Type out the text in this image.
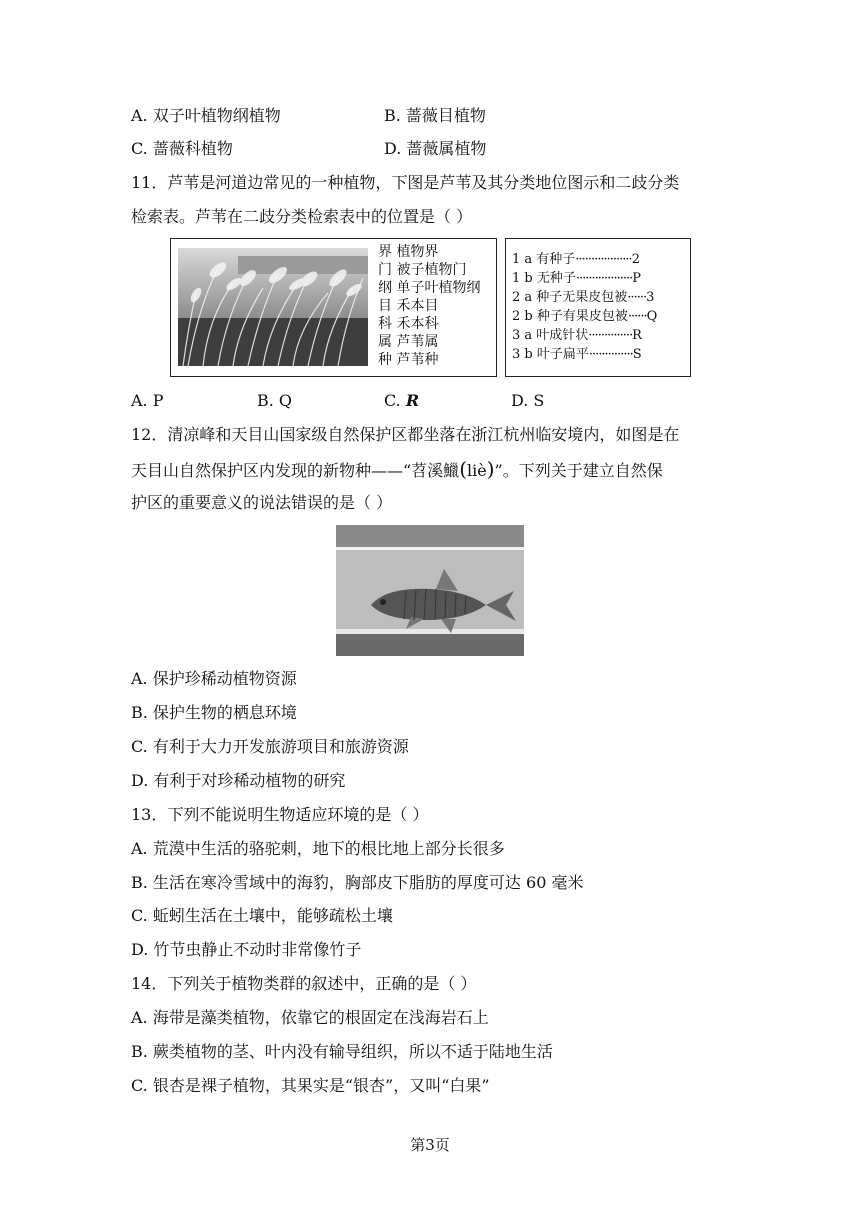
A. 双子叶植物纲植物	B. 蔷薇目植物
C. 蔷薇科植物	D. 蔷薇属植物
11．芦苇是河道边常见的一种植物，下图是芦苇及其分类地位图示和二歧分类
检索表。芦苇在二歧分类检索表中的位置是（ ）
界 植物界
门 被子植物门
纲 单子叶植物纲
目 禾本目
科 禾本科
属 芦苇属
种 芦苇种
1 a 有种子··················2
1 b 无种子··················P
2 a 种子无果皮包被······3
2 b 种子有果皮包被······Q
3 a 叶成针状··············R
3 b 叶子扁平··············S
A. P	B. Q	C. R	D. S
12．清凉峰和天目山国家级自然保护区都坐落在浙江杭州临安境内，如图是在
天目山自然保护区内发现的新物种——“苕溪鱲(liè)”。下列关于建立自然保
护区的重要意义的说法错误的是（ ）
A. 保护珍稀动植物资源
B. 保护生物的栖息环境
C. 有利于大力开发旅游项目和旅游资源
D. 有利于对珍稀动植物的研究
13．下列不能说明生物适应环境的是（ ）
A. 荒漠中生活的骆驼刺，地下的根比地上部分长很多
B. 生活在寒冷雪域中的海豹，胸部皮下脂肪的厚度可达 60 毫米
C. 蚯蚓生活在土壤中，能够疏松土壤
D. 竹节虫静止不动时非常像竹子
14．下列关于植物类群的叙述中，正确的是（ ）
A. 海带是藻类植物，依靠它的根固定在浅海岩石上
B. 蕨类植物的茎、叶内没有输导组织，所以不适于陆地生活
C. 银杏是裸子植物，其果实是“银杏”，又叫“白果”
第3页
